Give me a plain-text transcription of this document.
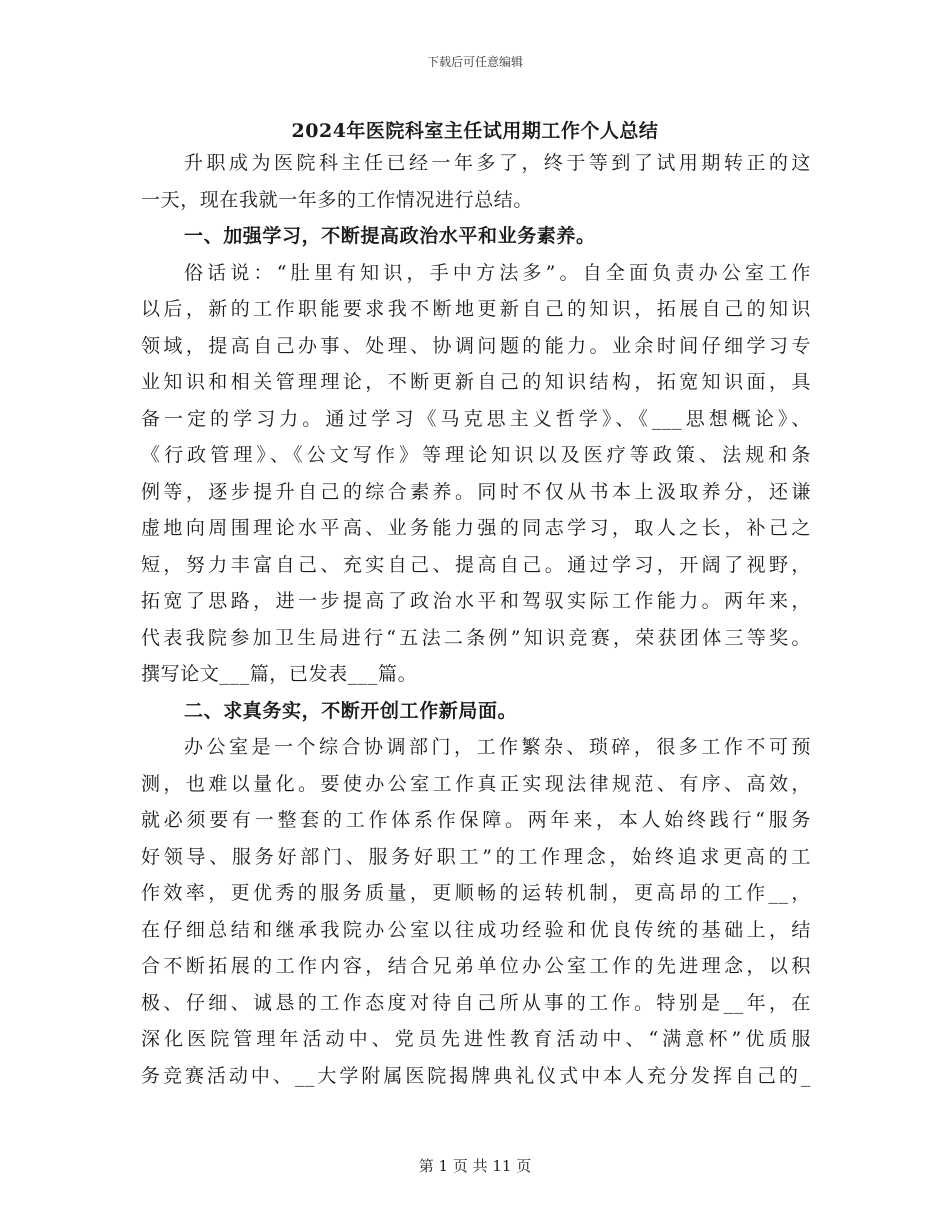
下载后可任意编辑
2024年医院科室主任试用期工作个人总结
升职成为医院科主任已经一年多了，终于等到了试用期转正的这
一天，现在我就一年多的工作情况进行总结。
一、加强学习，不断提高政治水平和业务素养。
俗话说：“肚里有知识，手中方法多”。自全面负责办公室工作
以后，新的工作职能要求我不断地更新自己的知识，拓展自己的知识
领域，提高自己办事、处理、协调问题的能力。业余时间仔细学习专
业知识和相关管理理论，不断更新自己的知识结构，拓宽知识面，具
备一定的学习力。通过学习《马克思主义哲学》、《___思想概论》、
《行政管理》、《公文写作》等理论知识以及医疗等政策、法规和条
例等，逐步提升自己的综合素养。同时不仅从书本上汲取养分，还谦
虚地向周围理论水平高、业务能力强的同志学习，取人之长，补己之
短，努力丰富自己、充实自己、提高自己。通过学习，开阔了视野，
拓宽了思路，进一步提高了政治水平和驾驭实际工作能力。两年来，
代表我院参加卫生局进行“五法二条例”知识竞赛，荣获团体三等奖。
撰写论文___篇，已发表___篇。
二、求真务实，不断开创工作新局面。
办公室是一个综合协调部门，工作繁杂、琐碎，很多工作不可预
测，也难以量化。要使办公室工作真正实现法律规范、有序、高效，
就必须要有一整套的工作体系作保障。两年来，本人始终践行“服务
好领导、服务好部门、服务好职工”的工作理念，始终追求更高的工
作效率，更优秀的服务质量，更顺畅的运转机制，更高昂的工作__，
在仔细总结和继承我院办公室以往成功经验和优良传统的基础上，结
合不断拓展的工作内容，结合兄弟单位办公室工作的先进理念，以积
极、仔细、诚恳的工作态度对待自己所从事的工作。特别是__年，在
深化医院管理年活动中、党员先进性教育活动中、“满意杯”优质服
务竞赛活动中、__大学附属医院揭牌典礼仪式中本人充分发挥自己的_
第 1 页 共 11 页
